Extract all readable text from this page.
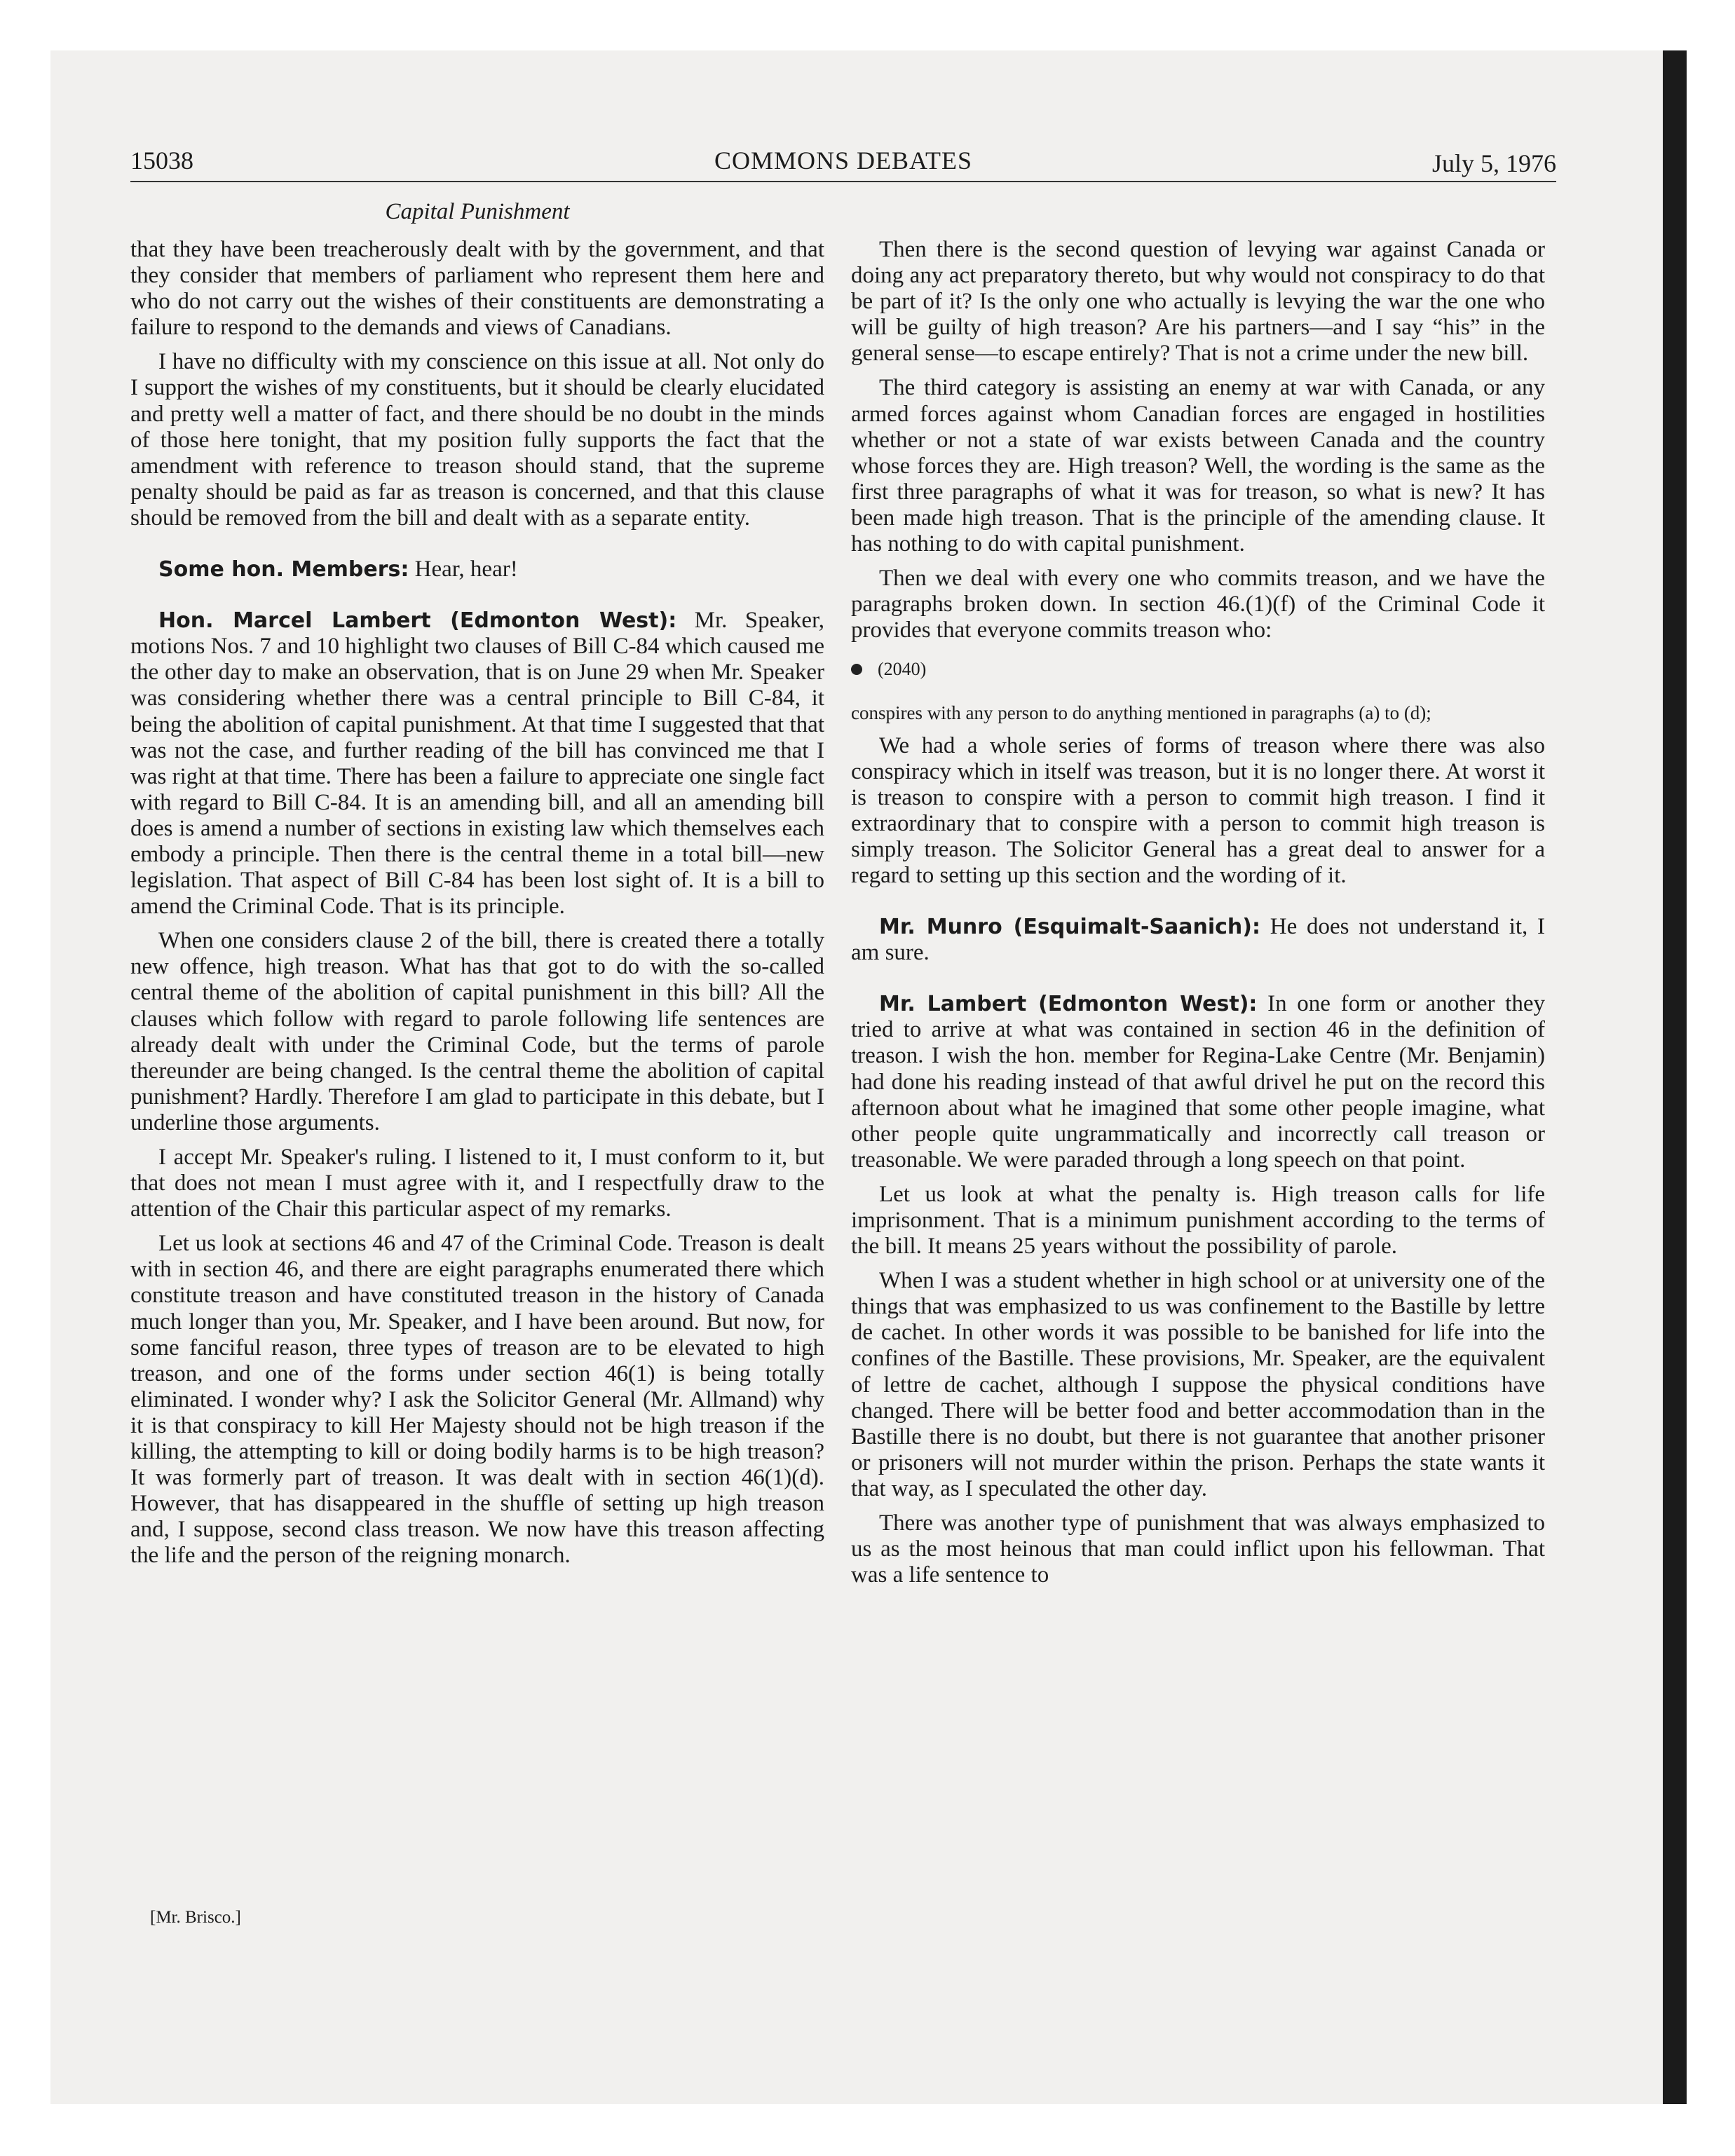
15038	COMMONS DEBATES	July 5, 1976
Capital Punishment

that they have been treacherously dealt with by the government, and that they consider that members of parliament who represent them here and who do not carry out the wishes of their constituents are demonstrating a failure to respond to the demands and views of Canadians.

I have no difficulty with my conscience on this issue at all. Not only do I support the wishes of my constituents, but it should be clearly elucidated and pretty well a matter of fact, and there should be no doubt in the minds of those here tonight, that my position fully supports the fact that the amendment with reference to treason should stand, that the supreme penalty should be paid as far as treason is concerned, and that this clause should be removed from the bill and dealt with as a separate entity.

Some hon. Members: Hear, hear!

Hon. Marcel Lambert (Edmonton West): Mr. Speaker, motions Nos. 7 and 10 highlight two clauses of Bill C-84 which caused me the other day to make an observation, that is on June 29 when Mr. Speaker was considering whether there was a central principle to Bill C-84, it being the abolition of capital punishment. At that time I suggested that that was not the case, and further reading of the bill has convinced me that I was right at that time. There has been a failure to appreciate one single fact with regard to Bill C-84. It is an amending bill, and all an amending bill does is amend a number of sections in existing law which themselves each embody a principle. Then there is the central theme in a total bill—new legislation. That aspect of Bill C-84 has been lost sight of. It is a bill to amend the Criminal Code. That is its principle.

When one considers clause 2 of the bill, there is created there a totally new offence, high treason. What has that got to do with the so-called central theme of the abolition of capital punishment in this bill? All the clauses which follow with regard to parole following life sentences are already dealt with under the Criminal Code, but the terms of parole thereunder are being changed. Is the central theme the abolition of capital punishment? Hardly. Therefore I am glad to participate in this debate, but I underline those arguments.

I accept Mr. Speaker's ruling. I listened to it, I must conform to it, but that does not mean I must agree with it, and I respectfully draw to the attention of the Chair this particular aspect of my remarks.

Let us look at sections 46 and 47 of the Criminal Code. Treason is dealt with in section 46, and there are eight paragraphs enumerated there which constitute treason and have constituted treason in the history of Canada much longer than you, Mr. Speaker, and I have been around. But now, for some fanciful reason, three types of treason are to be elevated to high treason, and one of the forms under section 46(1) is being totally eliminated. I wonder why? I ask the Solicitor General (Mr. Allmand) why it is that conspiracy to kill Her Majesty should not be high treason if the killing, the attempting to kill or doing bodily harms is to be high treason? It was formerly part of treason. It was dealt with in section 46(1)(d). However, that has disappeared in the shuffle of setting up high treason and, I suppose, second class treason. We now have this treason affecting the life and the person of the reigning monarch.

Then there is the second question of levying war against Canada or doing any act preparatory thereto, but why would not conspiracy to do that be part of it? Is the only one who actually is levying the war the one who will be guilty of high treason? Are his partners—and I say “his” in the general sense—to escape entirely? That is not a crime under the new bill.

The third category is assisting an enemy at war with Canada, or any armed forces against whom Canadian forces are engaged in hostilities whether or not a state of war exists between Canada and the country whose forces they are. High treason? Well, the wording is the same as the first three paragraphs of what it was for treason, so what is new? It has been made high treason. That is the principle of the amending clause. It has nothing to do with capital punishment.

Then we deal with every one who commits treason, and we have the paragraphs broken down. In section 46.(1)(f) of the Criminal Code it provides that everyone commits treason who:

(2040)

conspires with any person to do anything mentioned in paragraphs (a) to (d);

We had a whole series of forms of treason where there was also conspiracy which in itself was treason, but it is no longer there. At worst it is treason to conspire with a person to commit high treason. I find it extraordinary that to conspire with a person to commit high treason is simply treason. The Solicitor General has a great deal to answer for a regard to setting up this section and the wording of it.

Mr. Munro (Esquimalt-Saanich): He does not understand it, I am sure.

Mr. Lambert (Edmonton West): In one form or another they tried to arrive at what was contained in section 46 in the definition of treason. I wish the hon. member for Regina-Lake Centre (Mr. Benjamin) had done his reading instead of that awful drivel he put on the record this afternoon about what he imagined that some other people imagine, what other people quite ungrammatically and incorrectly call treason or treasonable. We were paraded through a long speech on that point.

Let us look at what the penalty is. High treason calls for life imprisonment. That is a minimum punishment according to the terms of the bill. It means 25 years without the possibility of parole.

When I was a student whether in high school or at university one of the things that was emphasized to us was confinement to the Bastille by lettre de cachet. In other words it was possible to be banished for life into the confines of the Bastille. These provisions, Mr. Speaker, are the equivalent of lettre de cachet, although I suppose the physical conditions have changed. There will be better food and better accommodation than in the Bastille there is no doubt, but there is not guarantee that another prisoner or prisoners will not murder within the prison. Perhaps the state wants it that way, as I speculated the other day.

There was another type of punishment that was always emphasized to us as the most heinous that man could inflict upon his fellowman. That was a life sentence to

[Mr. Brisco.]
